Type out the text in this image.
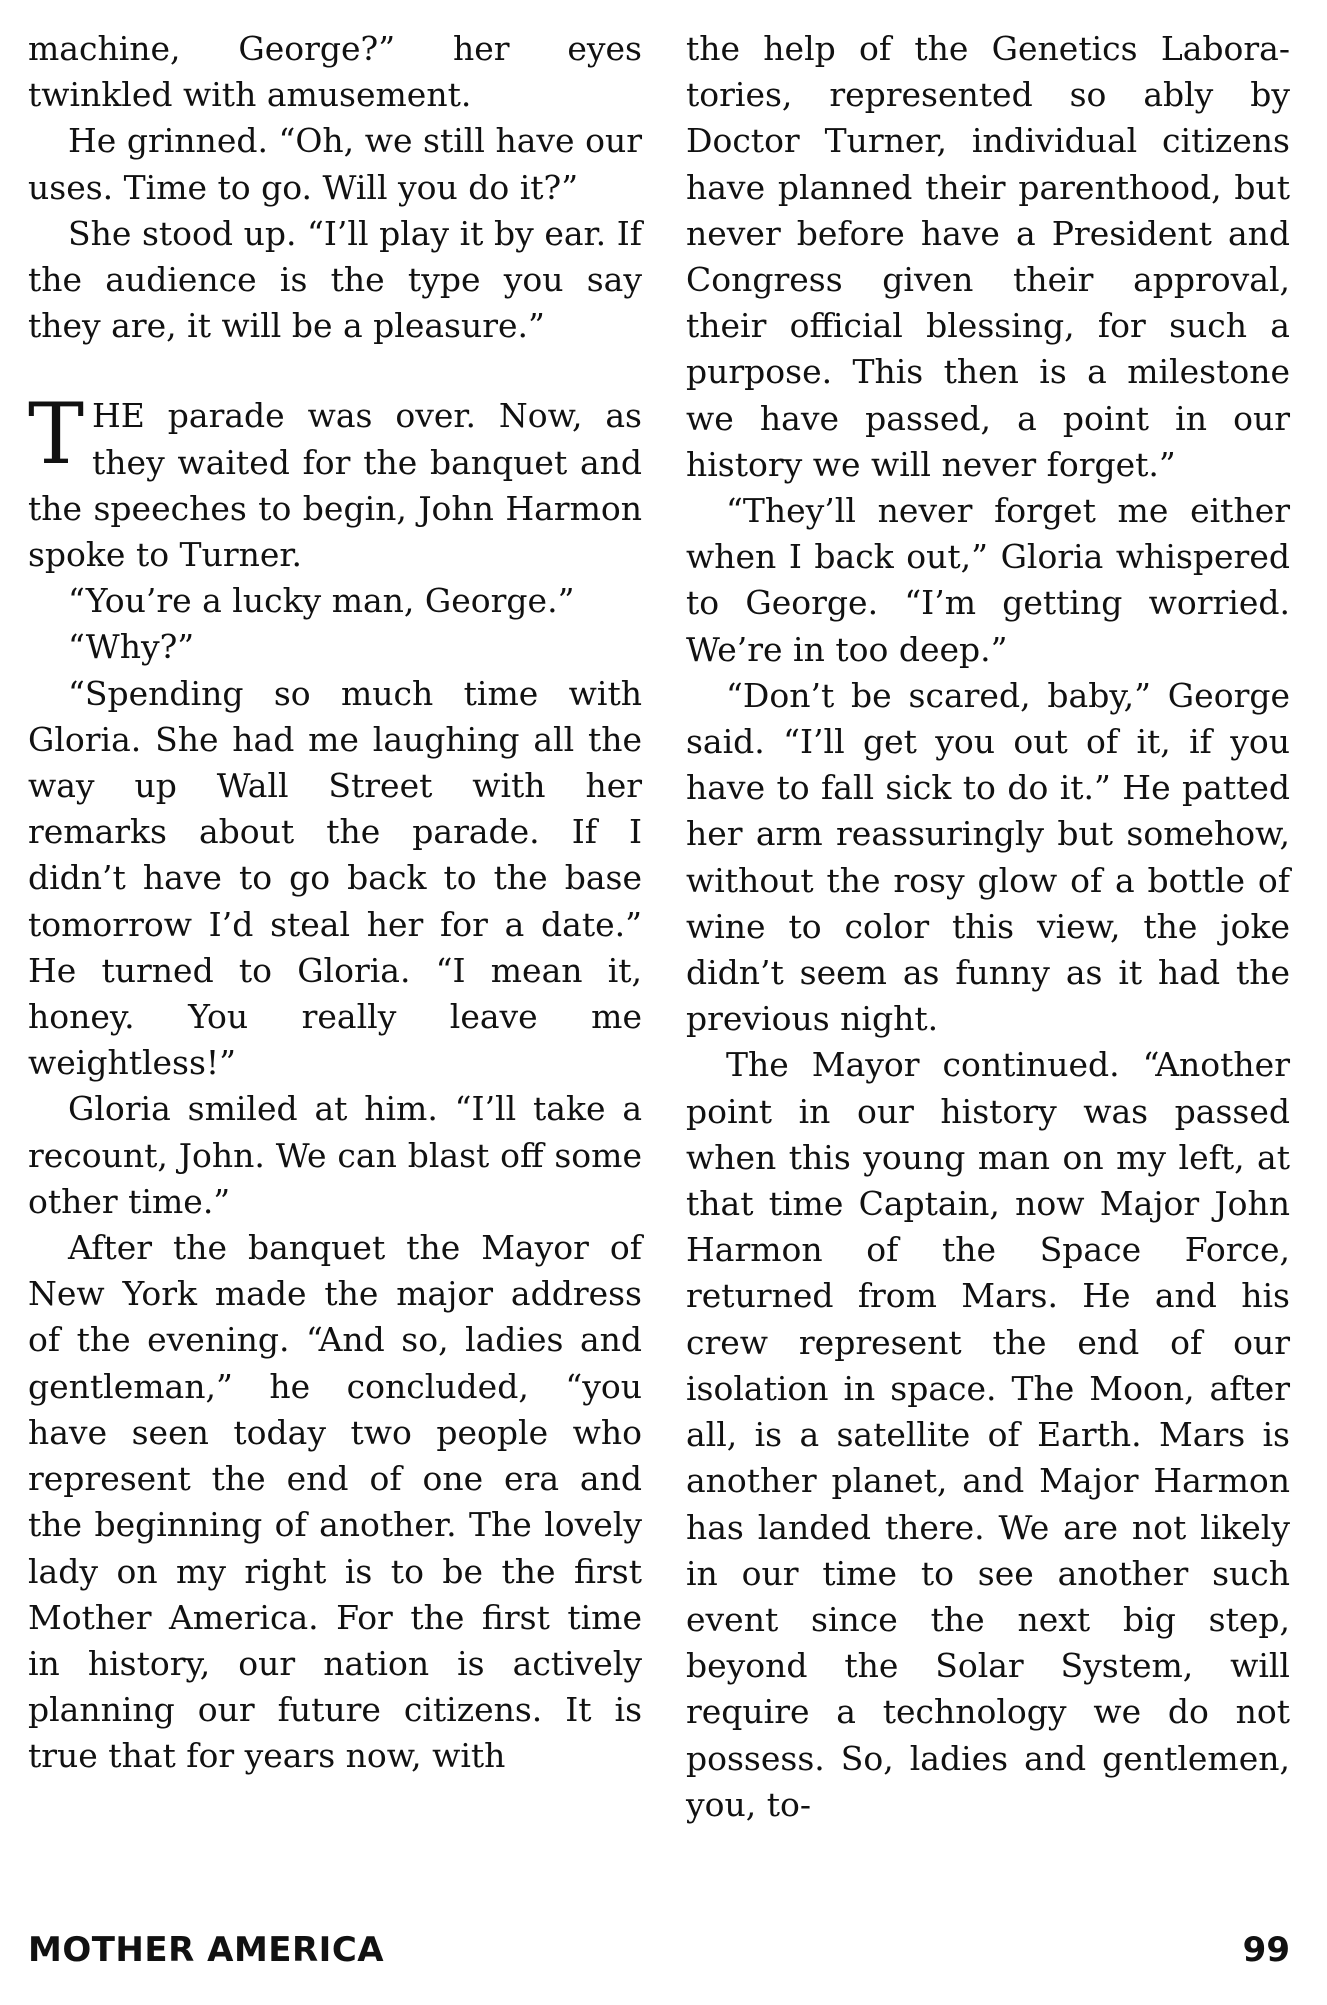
machine, George?” her eyes twinkled with amusement.

He grinned. “Oh, we still have our uses. Time to go. Will you do it?”

She stood up. “I’ll play it by ear. If the audience is the type you say they are, it will be a pleasure.”

THE parade was over. Now, as they waited for the banquet and the speeches to begin, John Harmon spoke to Turner.

“You’re a lucky man, George.”

“Why?”

“Spending so much time with Gloria. She had me laughing all the way up Wall Street with her remarks about the parade. If I didn’t have to go back to the base tomorrow I’d steal her for a date.” He turned to Gloria. “I mean it, honey. You really leave me weightless!”

Gloria smiled at him. “I’ll take a recount, John. We can blast off some other time.”

After the banquet the Mayor of New York made the major address of the evening. “And so, ladies and gentleman,” he concluded, “you have seen today two people who represent the end of one era and the beginning of another. The lovely lady on my right is to be the first Mother America. For the first time in history, our nation is actively planning our future citizens. It is true that for years now, with

the help of the Genetics Laboratories, represented so ably by Doctor Turner, individual citizens have planned their parenthood, but never before have a President and Congress given their approval, their official blessing, for such a purpose. This then is a milestone we have passed, a point in our history we will never forget.”

“They’ll never forget me either when I back out,” Gloria whispered to George. “I’m getting worried. We’re in too deep.”

“Don’t be scared, baby,” George said. “I’ll get you out of it, if you have to fall sick to do it.” He patted her arm reassuringly but somehow, without the rosy glow of a bottle of wine to color this view, the joke didn’t seem as funny as it had the previous night.

The Mayor continued. “Another point in our history was passed when this young man on my left, at that time Captain, now Major John Harmon of the Space Force, returned from Mars. He and his crew represent the end of our isolation in space. The Moon, after all, is a satellite of Earth. Mars is another planet, and Major Harmon has landed there. We are not likely in our time to see another such event since the next big step, beyond the Solar System, will require a technology we do not possess. So, ladies and gentlemen, you, to-

MOTHER AMERICA	99
